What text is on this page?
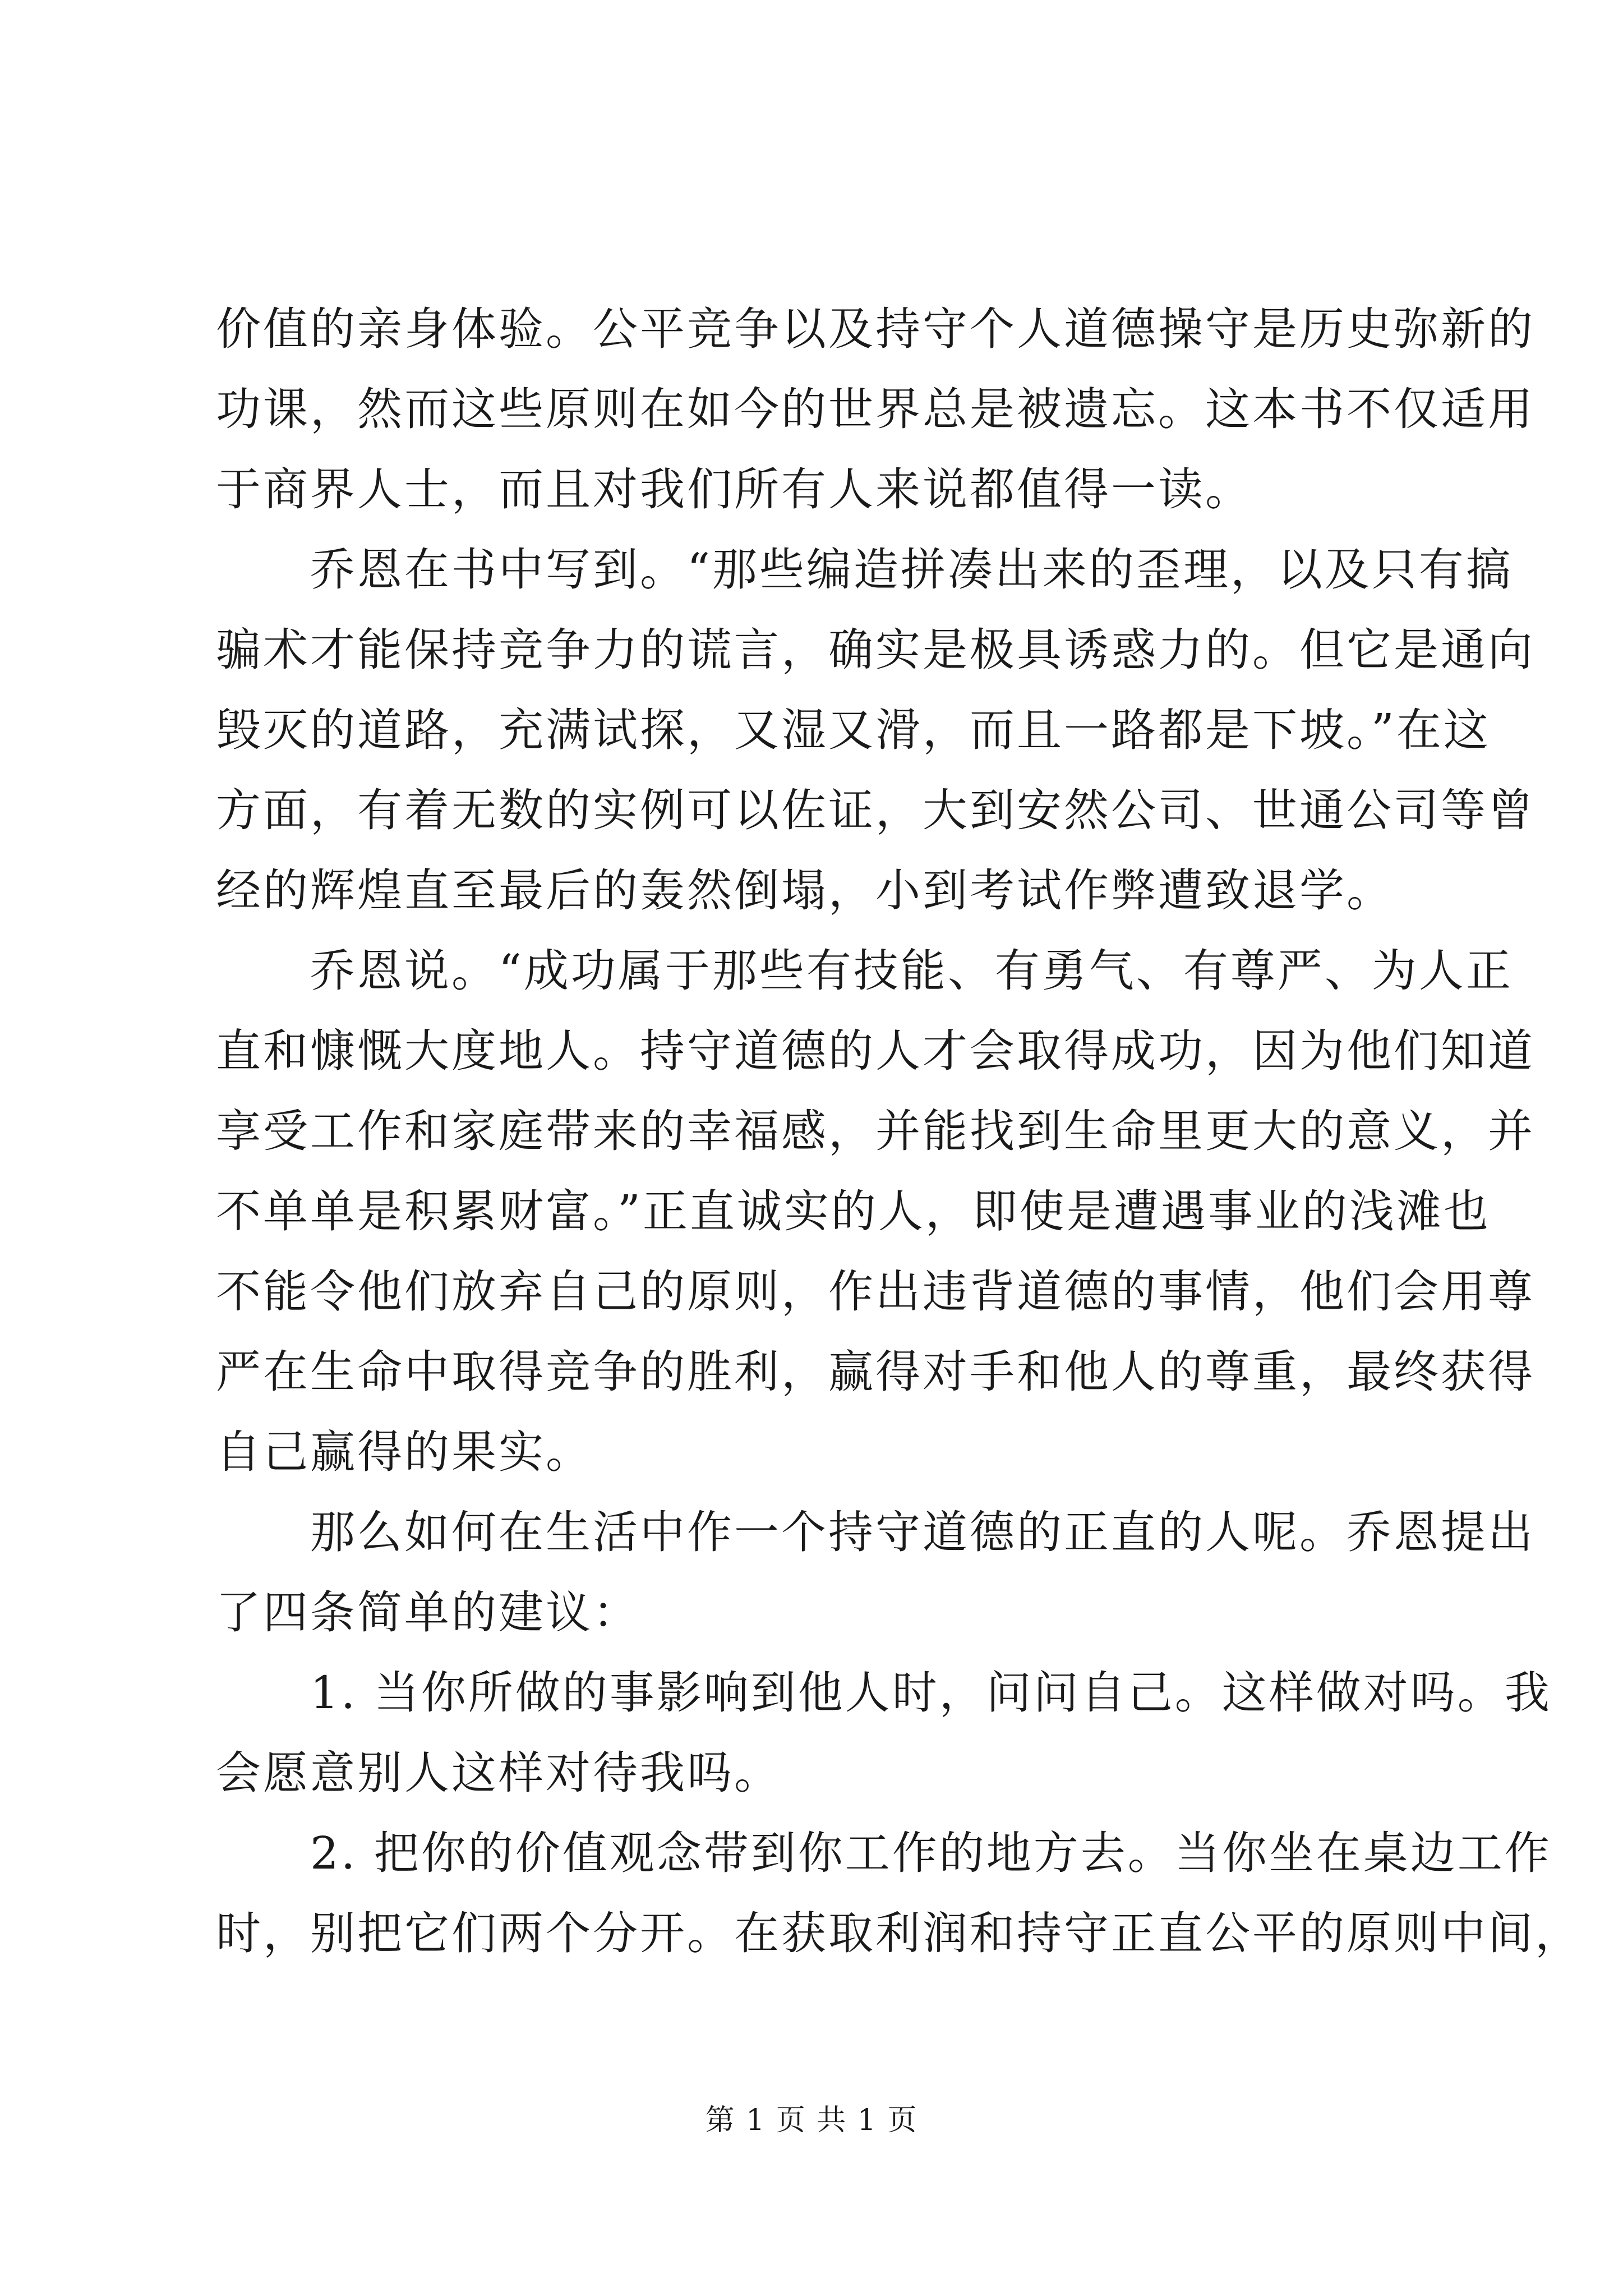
价值的亲身体验。公平竞争以及持守个人道德操守是历史弥新的
功课，然而这些原则在如今的世界总是被遗忘。这本书不仅适用
于商界人士，而且对我们所有人来说都值得一读。
　　乔恩在书中写到。“那些编造拼凑出来的歪理，以及只有搞
骗术才能保持竞争力的谎言，确实是极具诱惑力的。但它是通向
毁灭的道路，充满试探，又湿又滑，而且一路都是下坡。”在这
方面，有着无数的实例可以佐证，大到安然公司、世通公司等曾
经的辉煌直至最后的轰然倒塌，小到考试作弊遭致退学。
　　乔恩说。“成功属于那些有技能、有勇气、有尊严、为人正
直和慷慨大度地人。持守道德的人才会取得成功，因为他们知道
享受工作和家庭带来的幸福感，并能找到生命里更大的意义，并
不单单是积累财富。”正直诚实的人，即使是遭遇事业的浅滩也
不能令他们放弃自己的原则，作出违背道德的事情，他们会用尊
严在生命中取得竞争的胜利，赢得对手和他人的尊重，最终获得
自己赢得的果实。
　　那么如何在生活中作一个持守道德的正直的人呢。乔恩提出
了四条简单的建议：
　　1. 当你所做的事影响到他人时，问问自己。这样做对吗。我
会愿意别人这样对待我吗。
　　2. 把你的价值观念带到你工作的地方去。当你坐在桌边工作
时，别把它们两个分开。在获取利润和持守正直公平的原则中间，
第 1 页 共 1 页
